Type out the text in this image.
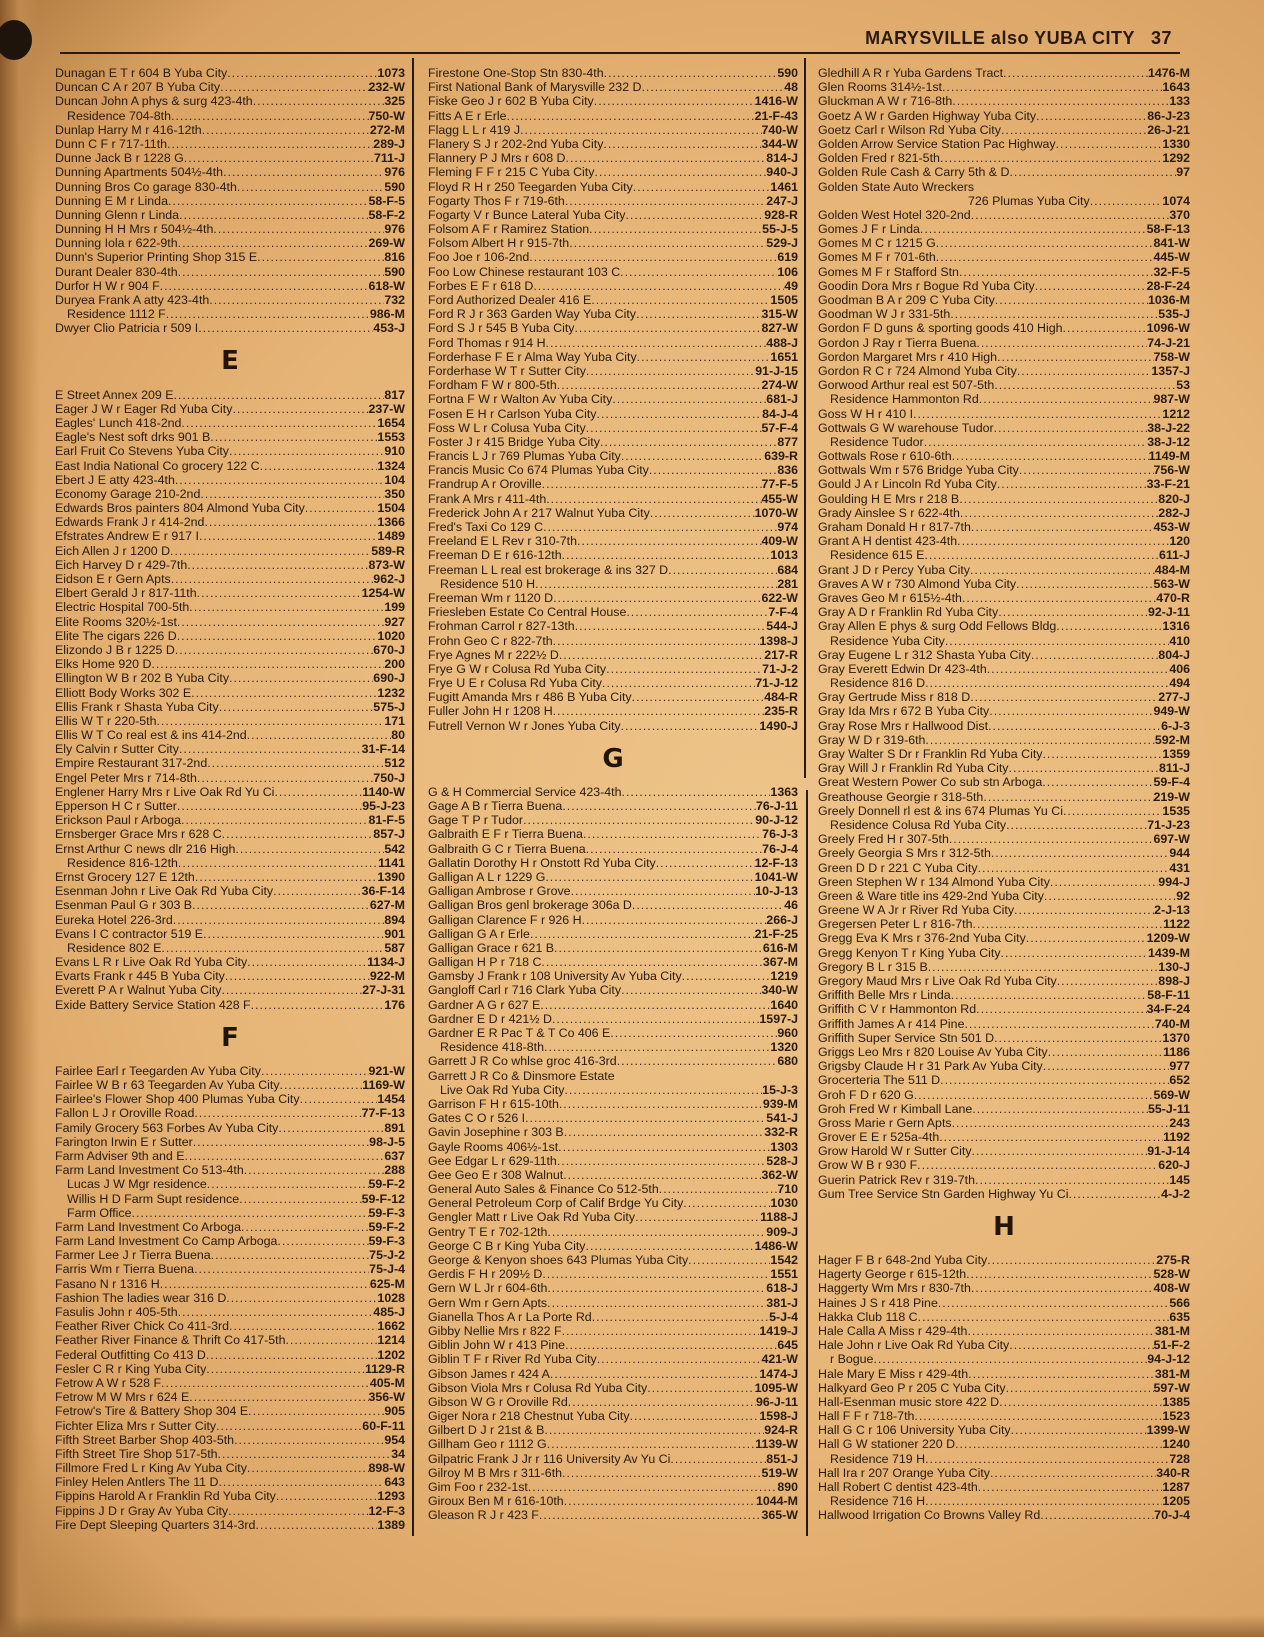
MARYSVILLE also YUBA CITY 37
Dunagan E T r 604 B Yuba City .....	1073
Duncan C A r 207 B Yuba City .....	232-W
Duncan John A phys & surg 423-4th .....	325
Residence 704-8th .....	750-W
Dunlap Harry M r 416-12th .....	272-M
Dunn C F r 717-11th .....	289-J
Dunne Jack B r 1228 G .....	711-J
Dunning Apartments 504½-4th .....	976
Dunning Bros Co garage 830-4th .....	590
Dunning E M r Linda .....	58-F-5
Dunning Glenn r Linda .....	58-F-2
Dunning H H Mrs r 504½-4th .....	976
Dunning Iola r 622-9th .....	269-W
Dunn's Superior Printing Shop 315 E .....	816
Durant Dealer 830-4th .....	590
Durfor H W r 904 F .....	618-W
Duryea Frank A atty 423-4th .....	732
Residence 1112 F .....	986-M
Dwyer Clio Patricia r 509 I .....	453-J
E
E Street Annex 209 E .....	817
Eager J W r Eager Rd Yuba City .....	237-W
Eagles' Lunch 418-2nd .....	1654
Eagle's Nest soft drks 901 B .....	1553
Earl Fruit Co Stevens Yuba City .....	910
East India National Co grocery 122 C .....	1324
Ebert J E atty 423-4th .....	104
Economy Garage 210-2nd .....	350
Edwards Bros painters 804 Almond Yuba City .....	1504
Edwards Frank J r 414-2nd .....	1366
Efstrates Andrew E r 917 I .....	1489
Eich Allen J r 1200 D .....	589-R
Eich Harvey D r 429-7th .....	873-W
Eidson E r Gern Apts .....	962-J
Elbert Gerald J r 817-11th .....	1254-W
Electric Hospital 700-5th .....	199
Elite Rooms 320½-1st .....	927
Elite The cigars 226 D .....	1020
Elizondo J B r 1225 D .....	670-J
Elks Home 920 D .....	200
Ellington W B r 202 B Yuba City .....	690-J
Elliott Body Works 302 E .....	1232
Ellis Frank r Shasta Yuba City .....	575-J
Ellis W T r 220-5th .....	171
Ellis W T Co real est & ins 414-2nd .....	80
Ely Calvin r Sutter City .....	31-F-14
Empire Restaurant 317-2nd .....	512
Engel Peter Mrs r 714-8th .....	750-J
Englener Harry Mrs r Live Oak Rd Yu Ci .....	1140-W
Epperson H C r Sutter .....	95-J-23
Erickson Paul r Arboga .....	81-F-5
Ernsberger Grace Mrs r 628 C .....	857-J
Ernst Arthur C news dlr 216 High .....	542
Residence 816-12th .....	1141
Ernst Grocery 127 E 12th .....	1390
Esenman John r Live Oak Rd Yuba City .....	36-F-14
Esenman Paul G r 303 B .....	627-M
Eureka Hotel 226-3rd .....	894
Evans I C contractor 519 E .....	901
Residence 802 E .....	587
Evans L R r Live Oak Rd Yuba City .....	1134-J
Evarts Frank r 445 B Yuba City .....	922-M
Everett P A r Walnut Yuba City .....	27-J-31
Exide Battery Service Station 428 F .....	176
F
Fairlee Earl r Teegarden Av Yuba City .....	921-W
Fairlee W B r 63 Teegarden Av Yuba City .....	1169-W
Fairlee's Flower Shop 400 Plumas Yuba City .....	1454
Fallon L J r Oroville Road .....	77-F-13
Family Grocery 563 Forbes Av Yuba City .....	891
Farington Irwin E r Sutter .....	98-J-5
Farm Adviser 9th and E .....	637
Farm Land Investment Co 513-4th .....	288
Lucas J W Mgr residence .....	59-F-2
Willis H D Farm Supt residence .....	59-F-12
Farm Office .....	59-F-3
Farm Land Investment Co Arboga .....	59-F-2
Farm Land Investment Co Camp Arboga .....	59-F-3
Farmer Lee J r Tierra Buena .....	75-J-2
Farris Wm r Tierra Buena .....	75-J-4
Fasano N r 1316 H .....	625-M
Fashion The ladies wear 316 D .....	1028
Fasulis John r 405-5th .....	485-J
Feather River Chick Co 411-3rd .....	1662
Feather River Finance & Thrift Co 417-5th .....	1214
Federal Outfitting Co 413 D .....	1202
Fesler C R r King Yuba City .....	1129-R
Fetrow A W r 528 F .....	405-M
Fetrow M W Mrs r 624 E .....	356-W
Fetrow's Tire & Battery Shop 304 E .....	905
Fichter Eliza Mrs r Sutter City .....	60-F-11
Fifth Street Barber Shop 403-5th .....	954
Fifth Street Tire Shop 517-5th .....	34
Fillmore Fred L r King Av Yuba City .....	898-W
Finley Helen Antlers The 11 D .....	643
Fippins Harold A r Franklin Rd Yuba City .....	1293
Fippins J D r Gray Av Yuba City .....	12-F-3
Fire Dept Sleeping Quarters 314-3rd .....	1389
Firestone One-Stop Stn 830-4th .....	590
First National Bank of Marysville 232 D .....	48
Fiske Geo J r 602 B Yuba City .....	1416-W
Fitts A E r Erle .....	21-F-43
Flagg L L r 419 J .....	740-W
Flanery S J r 202-2nd Yuba City .....	344-W
Flannery P J Mrs r 608 D .....	814-J
Fleming F F r 215 C Yuba City .....	940-J
Floyd R H r 250 Teegarden Yuba City .....	1461
Fogarty Thos F r 719-6th .....	247-J
Fogarty V r Bunce Lateral Yuba City .....	928-R
Folsom A F r Ramirez Station .....	55-J-5
Folsom Albert H r 915-7th .....	529-J
Foo Joe r 106-2nd .....	619
Foo Low Chinese restaurant 103 C .....	106
Forbes E F r 618 D .....	49
Ford Authorized Dealer 416 E .....	1505
Ford R J r 363 Garden Way Yuba City .....	315-W
Ford S J r 545 B Yuba City .....	827-W
Ford Thomas r 914 H .....	488-J
Forderhase F E r Alma Way Yuba City .....	1651
Forderhase W T r Sutter City .....	91-J-15
Fordham F W r 800-5th .....	274-W
Fortna F W r Walton Av Yuba City .....	681-J
Fosen E H r Carlson Yuba City .....	84-J-4
Foss W L r Colusa Yuba City .....	57-F-4
Foster J r 415 Bridge Yuba City .....	877
Francis L J r 769 Plumas Yuba City .....	639-R
Francis Music Co 674 Plumas Yuba City .....	836
Frandrup A r Oroville .....	77-F-5
Frank A Mrs r 411-4th .....	455-W
Frederick John A r 217 Walnut Yuba City .....	1070-W
Fred's Taxi Co 129 C .....	974
Freeland E L Rev r 310-7th .....	409-W
Freeman D E r 616-12th .....	1013
Freeman L L real est brokerage & ins 327 D .....	684
Residence 510 H .....	281
Freeman Wm r 1120 D .....	622-W
Friesleben Estate Co Central House .....	7-F-4
Frohman Carrol r 827-13th .....	544-J
Frohn Geo C r 822-7th .....	1398-J
Frye Agnes M r 222½ D .....	217-R
Frye G W r Colusa Rd Yuba City .....	71-J-2
Frye U E r Colusa Rd Yuba City .....	71-J-12
Fugitt Amanda Mrs r 486 B Yuba City .....	484-R
Fuller John H r 1208 H .....	235-R
Futrell Vernon W r Jones Yuba City .....	1490-J
G
G & H Commercial Service 423-4th .....	1363
Gage A B r Tierra Buena .....	76-J-11
Gage T P r Tudor .....	90-J-12
Galbraith E F r Tierra Buena .....	76-J-3
Galbraith G C r Tierra Buena .....	76-J-4
Gallatin Dorothy H r Onstott Rd Yuba City .....	12-F-13
Galligan A L r 1229 G .....	1041-W
Galligan Ambrose r Grove .....	10-J-13
Galligan Bros genl brokerage 306a D .....	46
Galligan Clarence F r 926 H .....	266-J
Galligan G A r Erle .....	21-F-25
Galligan Grace r 621 B .....	616-M
Galligan H P r 718 C .....	367-M
Gamsby J Frank r 108 University Av Yuba City .....	1219
Gangloff Carl r 716 Clark Yuba City .....	340-W
Gardner A G r 627 E .....	1640
Gardner E D r 421½ D .....	1597-J
Gardner E R Pac T & T Co 406 E .....	960
Residence 418-8th .....	1320
Garrett J R Co whlse groc 416-3rd .....	680
Garrett J R Co & Dinsmore Estate
Live Oak Rd Yuba City .....	15-J-3
Garrison F H r 615-10th .....	939-M
Gates C O r 526 I .....	541-J
Gavin Josephine r 303 B .....	332-R
Gayle Rooms 406½-1st .....	1303
Gee Edgar L r 629-11th .....	528-J
Gee Geo E r 308 Walnut .....	362-W
General Auto Sales & Finance Co 512-5th .....	710
General Petroleum Corp of Calif Brdge Yu City .....	1030
Gengler Matt r Live Oak Rd Yuba City .....	1188-J
Gentry T E r 702-12th .....	909-J
George C B r King Yuba City .....	1486-W
George & Kenyon shoes 643 Plumas Yuba City .....	1542
Gerdis F H r 209½ D .....	1551
Gern W L Jr r 604-6th .....	618-J
Gern Wm r Gern Apts .....	381-J
Gianella Thos A r La Porte Rd .....	5-J-4
Gibby Nellie Mrs r 822 F .....	1419-J
Giblin John W r 413 Pine .....	645
Giblin T F r River Rd Yuba City .....	421-W
Gibson James r 424 A .....	1474-J
Gibson Viola Mrs r Colusa Rd Yuba City .....	1095-W
Gibson W G r Oroville Rd .....	96-J-11
Giger Nora r 218 Chestnut Yuba City .....	1598-J
Gilbert D J r 21st & B .....	924-R
Gillham Geo r 1112 G .....	1139-W
Gilpatric Frank J Jr r 116 University Av Yu Ci .....	851-J
Gilroy M B Mrs r 311-6th .....	519-W
Gim Foo r 232-1st .....	890
Giroux Ben M r 616-10th .....	1044-M
Gleason R J r 423 F .....	365-W
Gledhill A R r Yuba Gardens Tract .....	1476-M
Glen Rooms 314½-1st .....	1643
Gluckman A W r 716-8th .....	133
Goetz A W r Garden Highway Yuba City .....	86-J-23
Goetz Carl r Wilson Rd Yuba City .....	26-J-21
Golden Arrow Service Station Pac Highway .....	1330
Golden Fred r 821-5th .....	1292
Golden Rule Cash & Carry 5th & D .....	97
Golden State Auto Wreckers
726 Plumas Yuba City .....	1074
Golden West Hotel 320-2nd .....	370
Gomes J F r Linda .....	58-F-13
Gomes M C r 1215 G .....	841-W
Gomes M F r 701-6th .....	445-W
Gomes M F r Stafford Stn .....	32-F-5
Goodin Dora Mrs r Bogue Rd Yuba City .....	28-F-24
Goodman B A r 209 C Yuba City .....	1036-M
Goodman W J r 331-5th .....	535-J
Gordon F D guns & sporting goods 410 High .....	1096-W
Gordon J Ray r Tierra Buena .....	74-J-21
Gordon Margaret Mrs r 410 High .....	758-W
Gordon R C r 724 Almond Yuba City .....	1357-J
Gorwood Arthur real est 507-5th .....	53
Residence Hammonton Rd .....	987-W
Goss W H r 410 I .....	1212
Gottwals G W warehouse Tudor .....	38-J-22
Residence Tudor .....	38-J-12
Gottwals Rose r 610-6th .....	1149-M
Gottwals Wm r 576 Bridge Yuba City .....	756-W
Gould J A r Lincoln Rd Yuba City .....	33-F-21
Goulding H E Mrs r 218 B .....	820-J
Grady Ainslee S r 622-4th .....	282-J
Graham Donald H r 817-7th .....	453-W
Grant A H dentist 423-4th .....	120
Residence 615 E .....	611-J
Grant J D r Percy Yuba City .....	484-M
Graves A W r 730 Almond Yuba City .....	563-W
Graves Geo M r 615½-4th .....	470-R
Gray A D r Franklin Rd Yuba City .....	92-J-11
Gray Allen E phys & surg Odd Fellows Bldg .....	1316
Residence Yuba City .....	410
Gray Eugene L r 312 Shasta Yuba City .....	804-J
Gray Everett Edwin Dr 423-4th .....	406
Residence 816 D .....	494
Gray Gertrude Miss r 818 D .....	277-J
Gray Ida Mrs r 672 B Yuba City .....	949-W
Gray Rose Mrs r Hallwood Dist .....	6-J-3
Gray W D r 319-6th .....	592-M
Gray Walter S Dr r Franklin Rd Yuba City .....	1359
Gray Will J r Franklin Rd Yuba City .....	811-J
Great Western Power Co sub stn Arboga .....	59-F-4
Greathouse Georgie r 318-5th .....	219-W
Greely Donnell rl est & ins 674 Plumas Yu Ci .....	1535
Residence Colusa Rd Yuba City .....	71-J-23
Greely Fred H r 307-5th .....	697-W
Greely Georgia S Mrs r 312-5th .....	944
Green D D r 221 C Yuba City .....	431
Green Stephen W r 134 Almond Yuba City .....	994-J
Green & Ware title ins 429-2nd Yuba City .....	92
Greene W A Jr r River Rd Yuba City .....	2-J-13
Gregersen Peter L r 816-7th .....	1122
Gregg Eva K Mrs r 376-2nd Yuba City .....	1209-W
Gregg Kenyon T r King Yuba City .....	1439-M
Gregory B L r 315 B .....	130-J
Gregory Maud Mrs r Live Oak Rd Yuba City .....	898-J
Griffith Belle Mrs r Linda .....	58-F-11
Griffith C V r Hammonton Rd .....	34-F-24
Griffith James A r 414 Pine .....	740-M
Griffith Super Service Stn 501 D .....	1370
Griggs Leo Mrs r 820 Louise Av Yuba City .....	1186
Grigsby Claude H r 31 Park Av Yuba City .....	977
Grocerteria The 511 D .....	652
Groh F D r 620 G .....	569-W
Groh Fred W r Kimball Lane .....	55-J-11
Gross Marie r Gern Apts .....	243
Grover E E r 525a-4th .....	1192
Grow Harold W r Sutter City .....	91-J-14
Grow W B r 930 F .....	620-J
Guerin Patrick Rev r 319-7th .....	145
Gum Tree Service Stn Garden Highway Yu Ci .....	4-J-2
H
Hager F B r 648-2nd Yuba City .....	275-R
Hagerty George r 615-12th .....	528-W
Haggerty Wm Mrs r 830-7th .....	408-W
Haines J S r 418 Pine .....	566
Hakka Club 118 C .....	635
Hale Calla A Miss r 429-4th .....	381-M
Hale John r Live Oak Rd Yuba City .....	51-F-2
r Bogue .....	94-J-12
Hale Mary E Miss r 429-4th .....	381-M
Halkyard Geo P r 205 C Yuba City .....	597-W
Hall-Esenman music store 422 D .....	1385
Hall F F r 718-7th .....	1523
Hall G C r 106 University Yuba City .....	1399-W
Hall G W stationer 220 D .....	1240
Residence 719 H .....	728
Hall Ira r 207 Orange Yuba City .....	340-R
Hall Robert C dentist 423-4th .....	1287
Residence 716 H .....	1205
Hallwood Irrigation Co Browns Valley Rd .....	70-J-4
